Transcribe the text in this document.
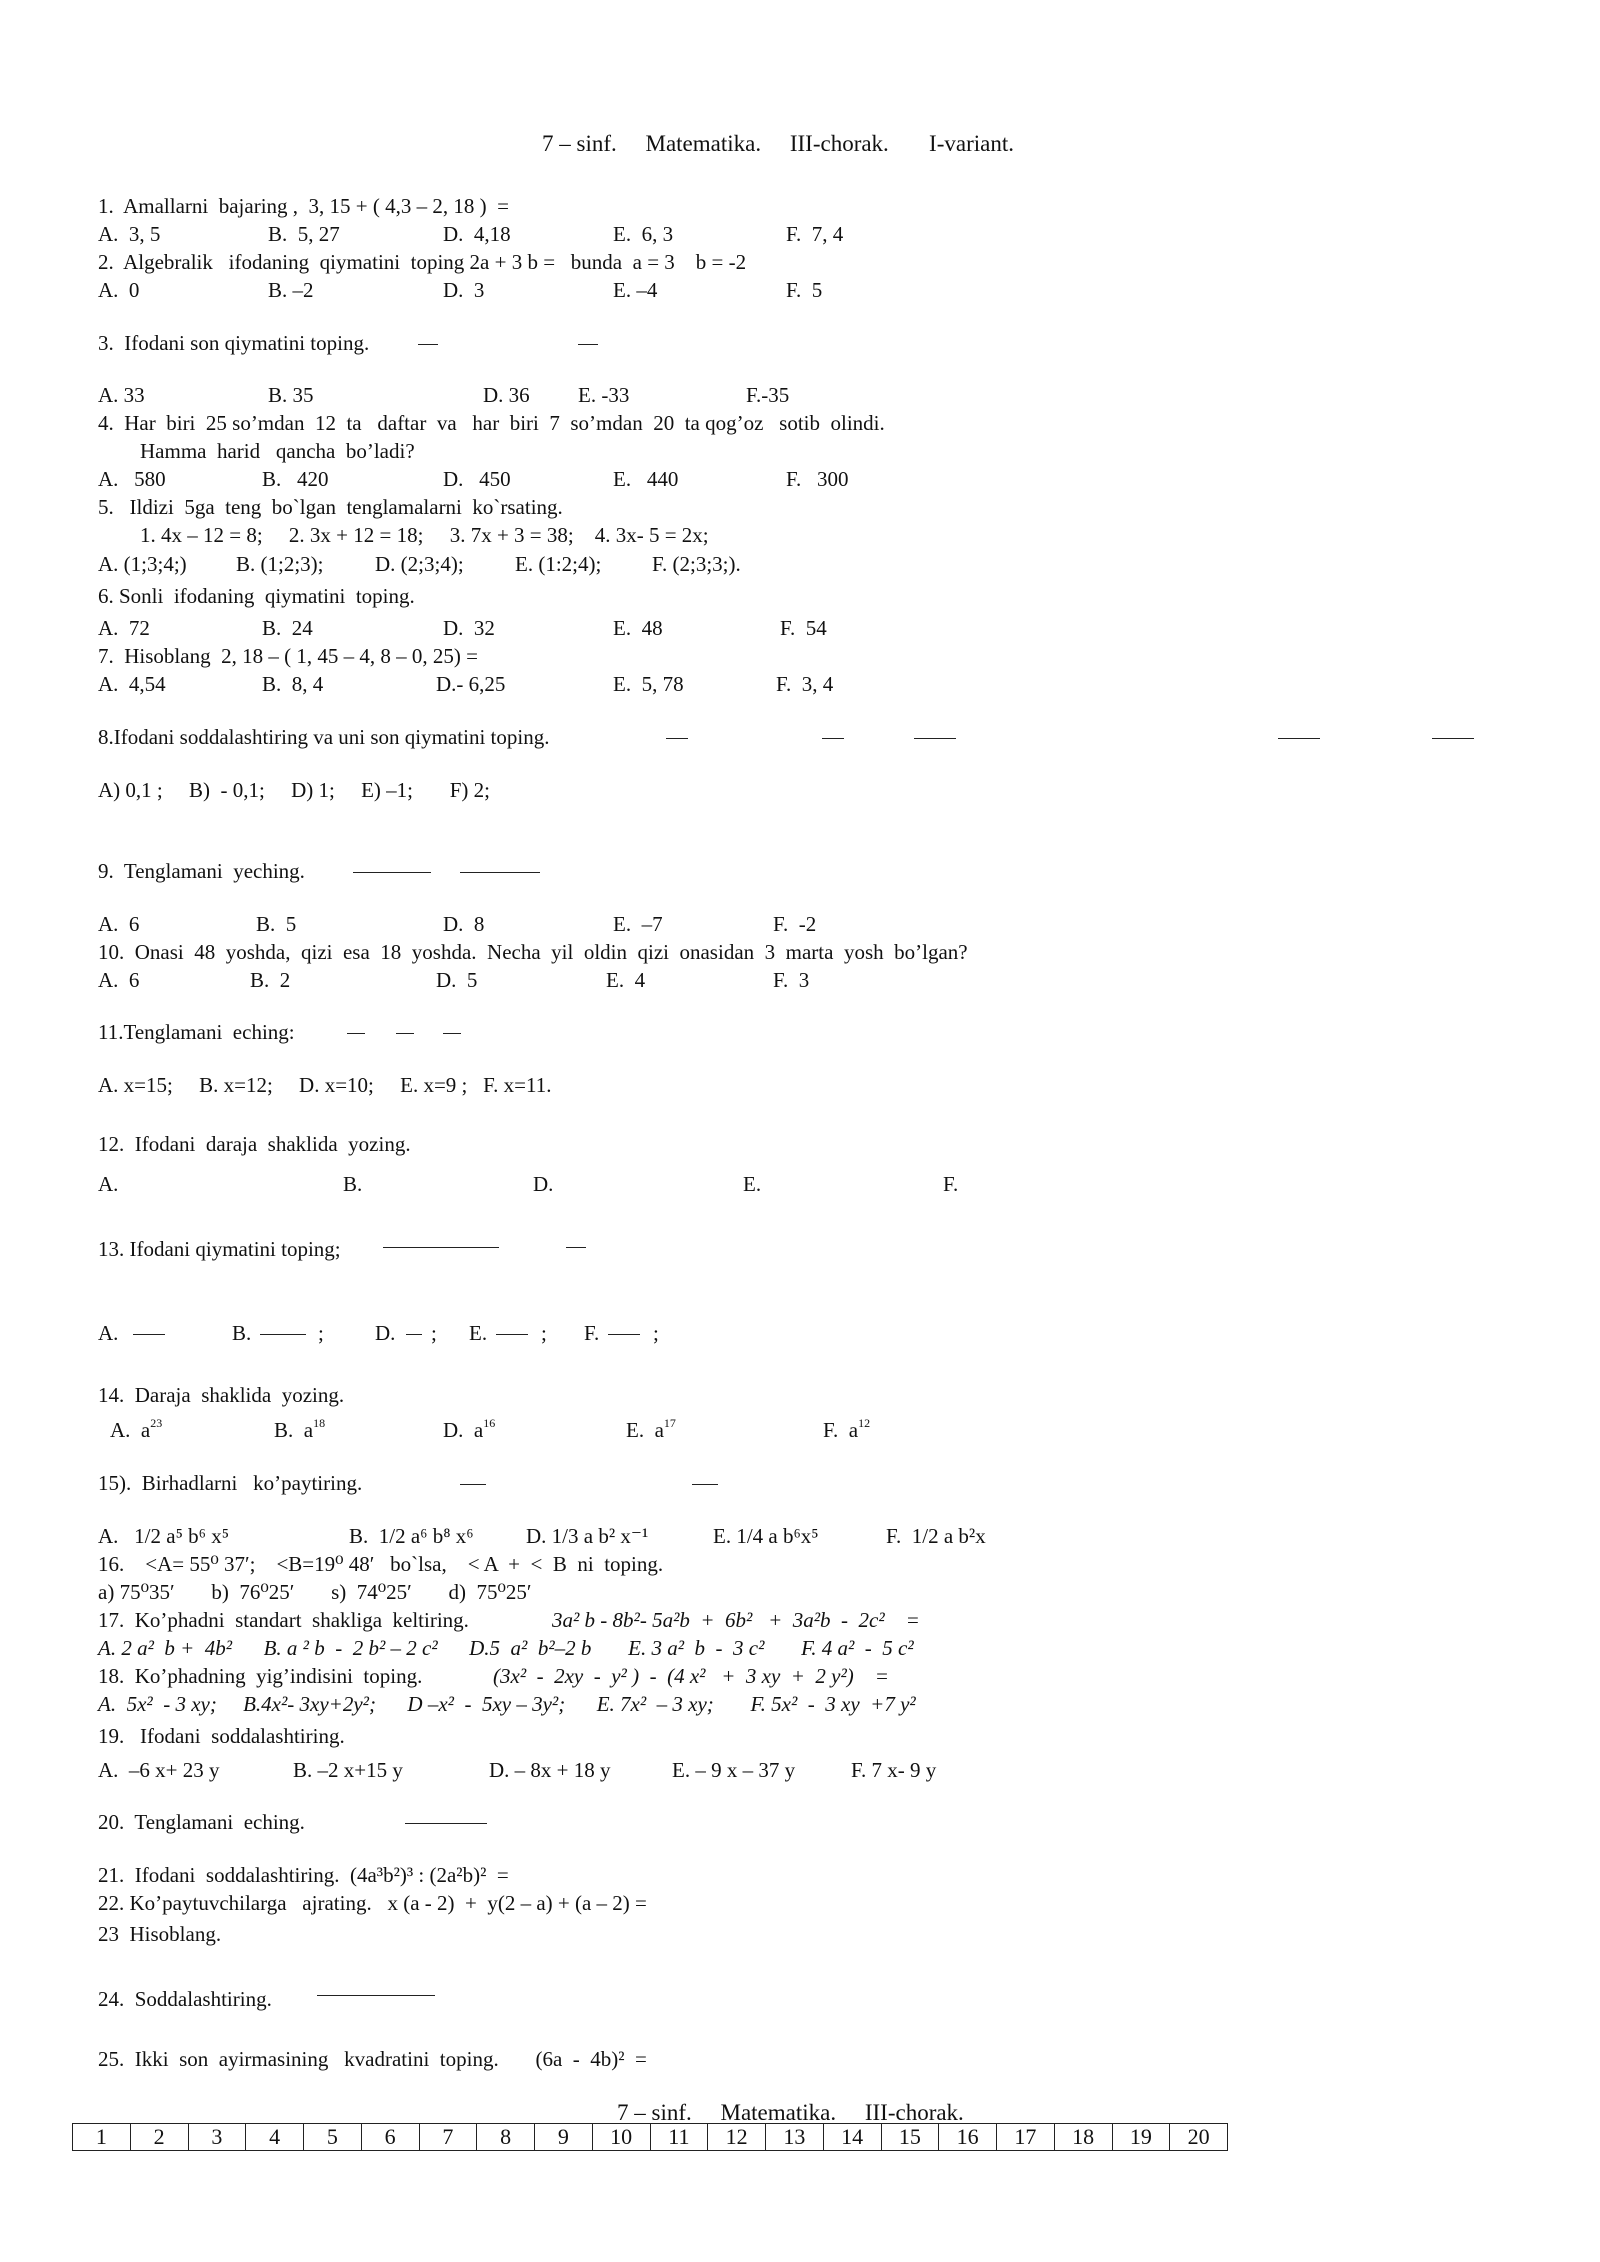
7 – sinf.     Matematika.     III-chorak.       I-variant.
1.  Amallarni  bajaring ,  3, 15 + ( 4,3 – 2, 18 )  =
A.  3, 5	B.  5, 27	D.  4,18	E.  6, 3	F.  7, 4
2.  Algebralik   ifodaning  qiymatini  toping 2a + 3 b =   bunda  a = 3    b = -2
A.  0	B. –2	D.  3	E. –4	F.  5
3.  Ifodani son qiymatini toping.
A. 33	B. 35	D. 36 E. -33	F.-35
4.  Har  biri  25 so’mdan  12  ta   daftar  va   har  biri  7  so’mdan  20  ta qog’oz   sotib  olindi.
Hamma  harid   qancha  bo’ladi?
A.   580	B.   420	D.   450	E.   440	F.   300
5.   Ildizi  5ga  teng  bo`lgan  tenglamalarni  ko`rsating.
1. 4x – 12 = 8;     2. 3x + 12 = 18;     3. 7x + 3 = 38;    4. 3x- 5 = 2x;
A. (1;3;4;) B. (1;2;3); D. (2;3;4); E. (1:2;4); F. (2;3;3;).
6. Sonli  ifodaning  qiymatini  toping.
A.  72	B.  24	D.  32	E.  48	F.  54
7.  Hisoblang  2, 18 – ( 1, 45 – 4, 8 – 0, 25) =
A.  4,54	B.  8, 4	D.- 6,25	E.  5, 78	F.  3, 4
8.Ifodani soddalashtiring va uni son qiymatini toping.
A) 0,1 ;     B)  - 0,1;     D) 1;     E) –1;       F) 2;
9.  Tenglamani  yeching.
A.  6	B.  5	D.  8	E.  –7	F.  -2
10.  Onasi  48  yoshda,  qizi  esa  18  yoshda.  Necha  yil  oldin  qizi  onasidan  3  marta  yosh  bo’lgan?
A.  6	B.  2	D.  5	E.  4	F.  3
11.Tenglamani  eching:
A. x=15;     B. x=12;     D. x=10;     E. x=9 ;   F. x=11.
12.  Ifodani  daraja  shaklida  yozing.
A.	B.	D.	E.	F.
13. Ifodani qiymatini toping;
A.	B.	; D. ; E.	; F.	;
14.  Daraja  shaklida  yozing.
A.  $a^{23}$	B.  $a^{18}$	D.  $a^{16}$	E.  $a^{17}$	F.  $a^{12}$
15).  Birhadlarni   ko’paytiring.
A.   1/2 a⁵ b⁶ x⁵	B.  1/2 a⁶ b⁸ x⁶ D. 1/3 a b² x⁻¹	E. 1/4 a b⁶x⁵	F.  1/2 a b²x
16.    <A= 55⁰ 37ʹ;    <B=19⁰ 48ʹ   bo`lsa,    < A  +  <  B  ni  toping.
a) 75⁰35ʹ       b)  76⁰25ʹ       s)  74⁰25ʹ       d)  75⁰25ʹ
17.  Ko’phadni  standart  shakliga  keltiring.	3a² b - 8b²- 5a²b  +  6b²   +  3a²b  -  2c²    =
A. 2 a²  b +  4b²      B. a ² b  -  2 b² – 2 c²      D.5  a²  b²–2 b       E. 3 a²  b  -  3 c²       F. 4 a²  -  5 c²
18.  Ko’phadning  yig’indisini  toping.	(3x²  -  2xy  -  y² )  -  (4 x²   +  3 xy  +  2 y²)    =
A.  5x²  - 3 xy;     B.4x²- 3xy+2y²;      D –x²  -  5xy – 3y²;      E. 7x²  – 3 xy;       F. 5x²  -  3 xy  +7 y²
19.   Ifodani  soddalashtiring.
A.  –6 x+ 23 y	B. –2 x+15 y	D. – 8x + 18 y	E. – 9 x – 37 y	F. 7 x- 9 y
20.  Tenglamani  eching.
21.  Ifodani  soddalashtiring.  (4a³b²)³ : (2a²b)²  =
22. Ko’paytuvchilarga   ajrating.   x (a - 2)  +  y(2 – a) + (a – 2) =
23  Hisoblang.
24.  Soddalashtiring.
25.  Ikki  son  ayirmasining   kvadratini  toping.       (6a  -  4b)²  =
7 – sinf.     Matematika.     III-chorak.
1	2	3	4	5	6	7	8	9	10	11	12	13	14	15	16	17	18	19	20
